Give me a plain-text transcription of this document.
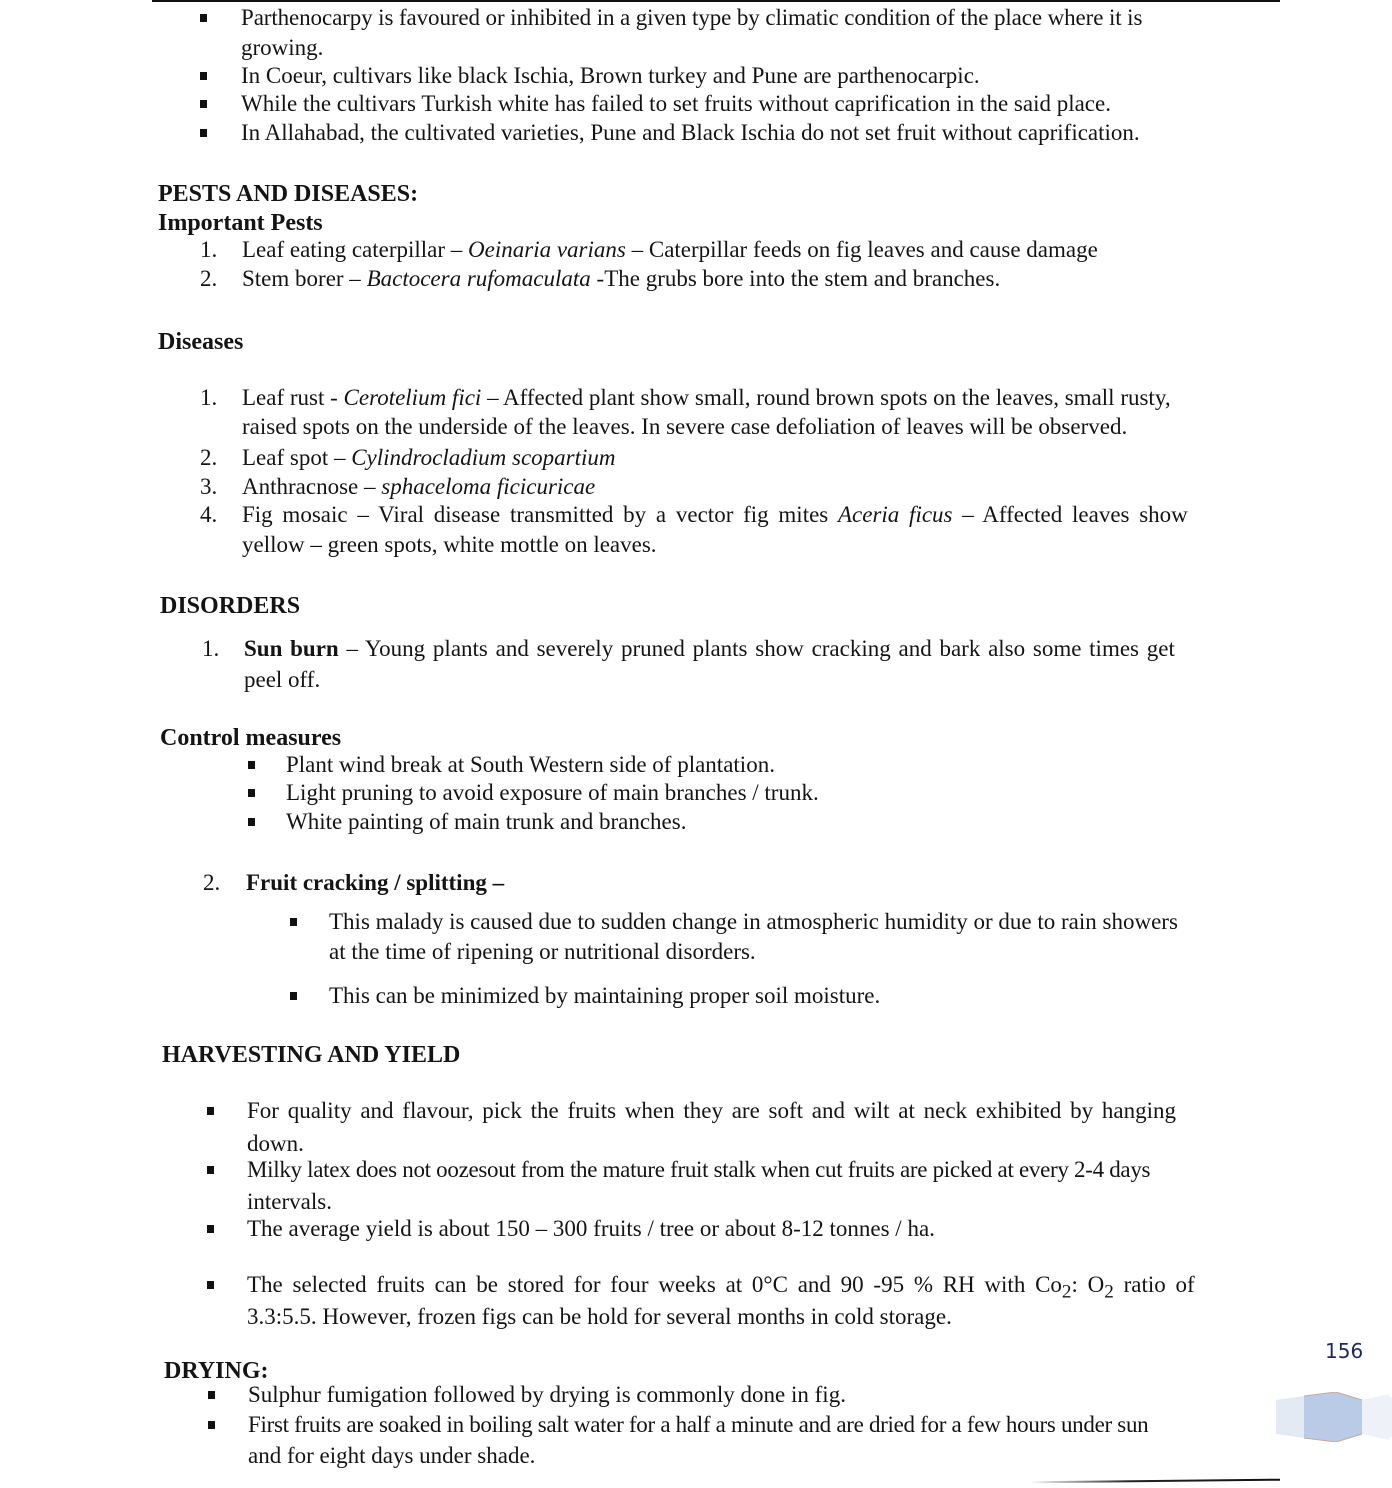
Parthenocarpy is favoured or inhibited in a given type by climatic condition of the place where it is
growing.
In Coeur, cultivars like black Ischia, Brown turkey and Pune are parthenocarpic.
While the cultivars Turkish white has failed to set fruits without caprification in the said place.
In Allahabad, the cultivated varieties, Pune and Black Ischia do not set fruit without caprification.
PESTS AND DISEASES:
Important Pests
1.	Leaf eating caterpillar – Oeinaria varians – Caterpillar feeds on fig leaves and cause damage
2.	Stem borer – Bactocera rufomaculata -The grubs bore into the stem and branches.
Diseases
1.	Leaf rust - Cerotelium fici – Affected plant show small, round brown spots on the leaves, small rusty,
raised spots on the underside of the leaves. In severe case defoliation of leaves will be observed.
2.	Leaf spot – Cylindrocladium scopartium
3.	Anthracnose – sphaceloma ficicuricae
4.	Fig mosaic – Viral disease transmitted by a vector fig mites Aceria ficus – Affected leaves show
yellow – green spots, white mottle on leaves.
DISORDERS
1.	Sun burn – Young plants and severely pruned plants show cracking and bark also some times get
peel off.
Control measures
Plant wind break at South Western side of plantation.
Light pruning to avoid exposure of main branches / trunk.
White painting of main trunk and branches.
2.	Fruit cracking / splitting –
This malady is caused due to sudden change in atmospheric humidity or due to rain showers
at the time of ripening or nutritional disorders.
This can be minimized by maintaining proper soil moisture.
HARVESTING AND YIELD
For quality and flavour, pick the fruits when they are soft and wilt at neck exhibited by hanging
down.
Milky latex does not oozesout from the mature fruit stalk when cut fruits are picked at every 2-4 days
intervals.
The average yield is about 150 – 300 fruits / tree or about 8-12 tonnes / ha.
The selected fruits can be stored for four weeks at 0°C and 90 -95 % RH with $Co_2$: $O_2$ ratio of
3.3:5.5. However, frozen figs can be hold for several months in cold storage.
156
DRYING:
Sulphur fumigation followed by drying is commonly done in fig.
First fruits are soaked in boiling salt water for a half a minute and are dried for a few hours under sun
and for eight days under shade.
